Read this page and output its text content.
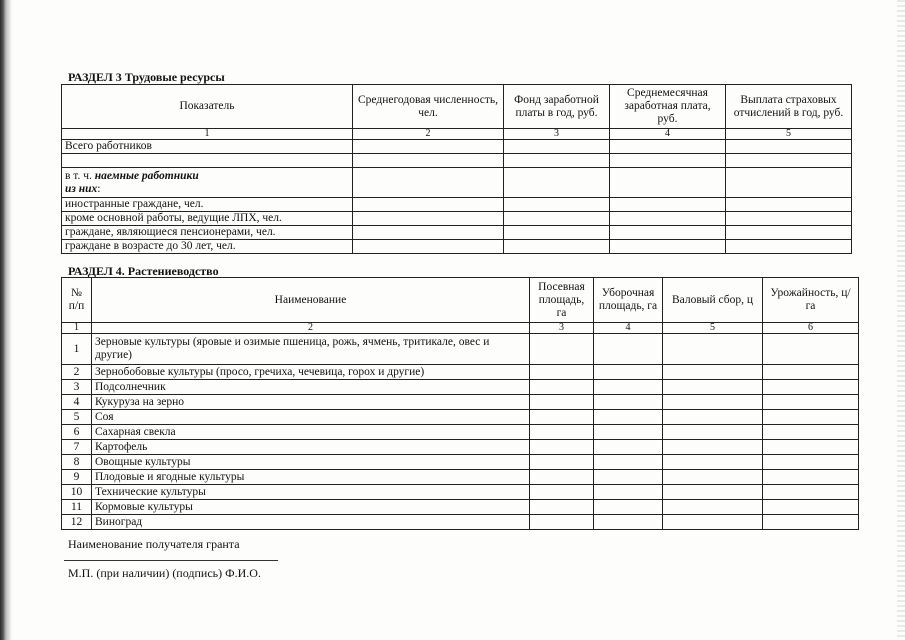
РАЗДЕЛ 3 Трудовые ресурсы
Показатель	Среднегодовая численность, чел.	Фонд заработной платы в год, руб.	Среднемесячная заработная плата, руб.	Выплата страховых отчислений в год, руб.
1	2	3	4	5
Всего работников				

в т. ч. наемные работники
из них:				
иностранные граждане, чел.				
кроме основной работы, ведущие ЛПХ, чел.				
граждане, являющиеся пенсионерами, чел.				
граждане в возрасте до 30 лет, чел.				
РАЗДЕЛ 4. Растениеводство
№ п/п	Наименование	Посевная площадь, га	Уборочная площадь, га	Валовый сбор, ц	Урожайность, ц/га
1	2	3	4	5	6
1	Зерновые культуры (яровые и озимые пшеница, рожь, ячмень, тритикале, овес и другие)				
2	Зернобобовые культуры (просо, гречиха, чечевица, горох и другие)				
3	Подсолнечник				
4	Кукуруза на зерно				
5	Соя				
6	Сахарная свекла				
7	Картофель				
8	Овощные культуры				
9	Плодовые и ягодные культуры				
10	Технические культуры				
11	Кормовые культуры				
12	Виноград				
Наименование получателя гранта
М.П. (при наличии) (подпись) Ф.И.О.
